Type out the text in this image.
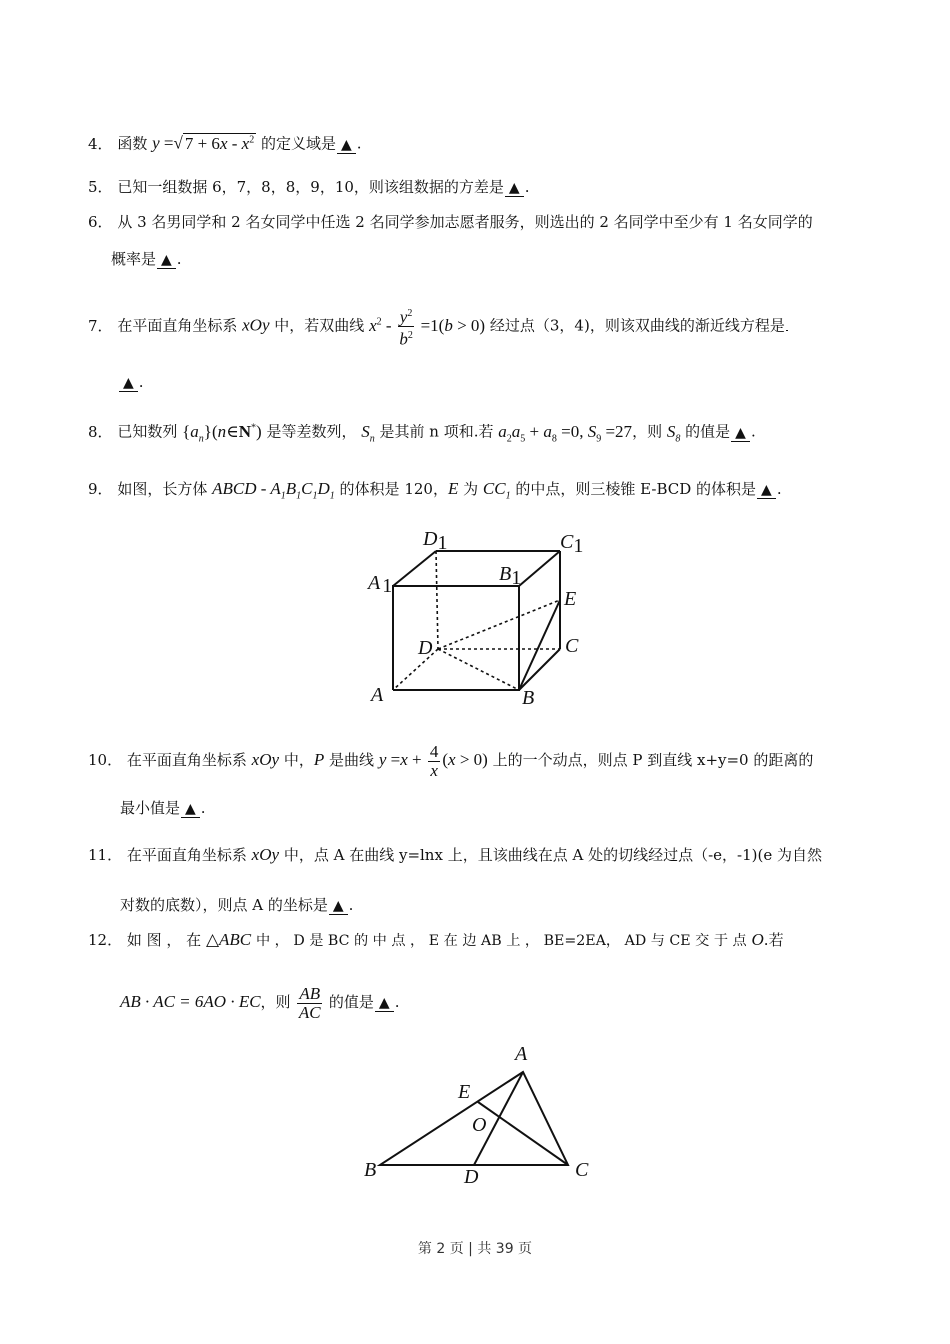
4． 函数 y =√ $7 + 6x - x^2$ 的定义域是 ▲ .
5． 已知一组数据 6，7，8，8，9，10，则该组数据的方差是 ▲ .
6． 从 3 名男同学和 2 名女同学中任选 2 名同学参加志愿者服务，则选出的 2 名同学中至少有 1 名女同学的
概率是 ▲ .
7． 在平面直角坐标系 xOy 中，若双曲线 $x^2 - \frac{y^2}{b^2} =1(b > 0)$ 经过点（3，4)，则该双曲线的渐近线方程是
▲ .
8． 已知数列 $\{a_n\}(n\in N^*)$ 是等差数列， $S_n$ 是其前 n 项和.若 $a_2a_5 + a_8 =0$, $S_9 =27$，则 $S_8$ 的值是 ▲ .
9． 如图，长方体 ABCD - $A_1B_1C_1D_1$ 的体积是 120，E 为 $CC_1$ 的中点，则三棱锥 E-BCD 的体积是 ▲ .
D1	C1
A 1
B1
E
D	C
A	B
10． 在平面直角坐标系 xOy 中，P 是曲线 $y =x + \frac{4}{x} (x > 0)$ 上的一个动点，则点 P 到直线 x+y=0 的距离的
最小值是 ▲ .
11． 在平面直角坐标系 xOy 中，点 A 在曲线 y=lnx 上，且该曲线在点 A 处的切线经过点（-e，-1)(e 为自然
对数的底数），则点 A 的坐标是 ▲ .
12． 如 图 ， 在 △ABC 中 ， D 是 BC 的 中 点 ， E 在 边 AB 上 ， BE=2EA， AD 与 CE 交 于 点 O.若
AB · AC = 6AO · EC，则 $\frac{AB}{AC}$ 的值是 ▲ .
A
E
O
B	D	C
第 2 页 | 共 39 页
